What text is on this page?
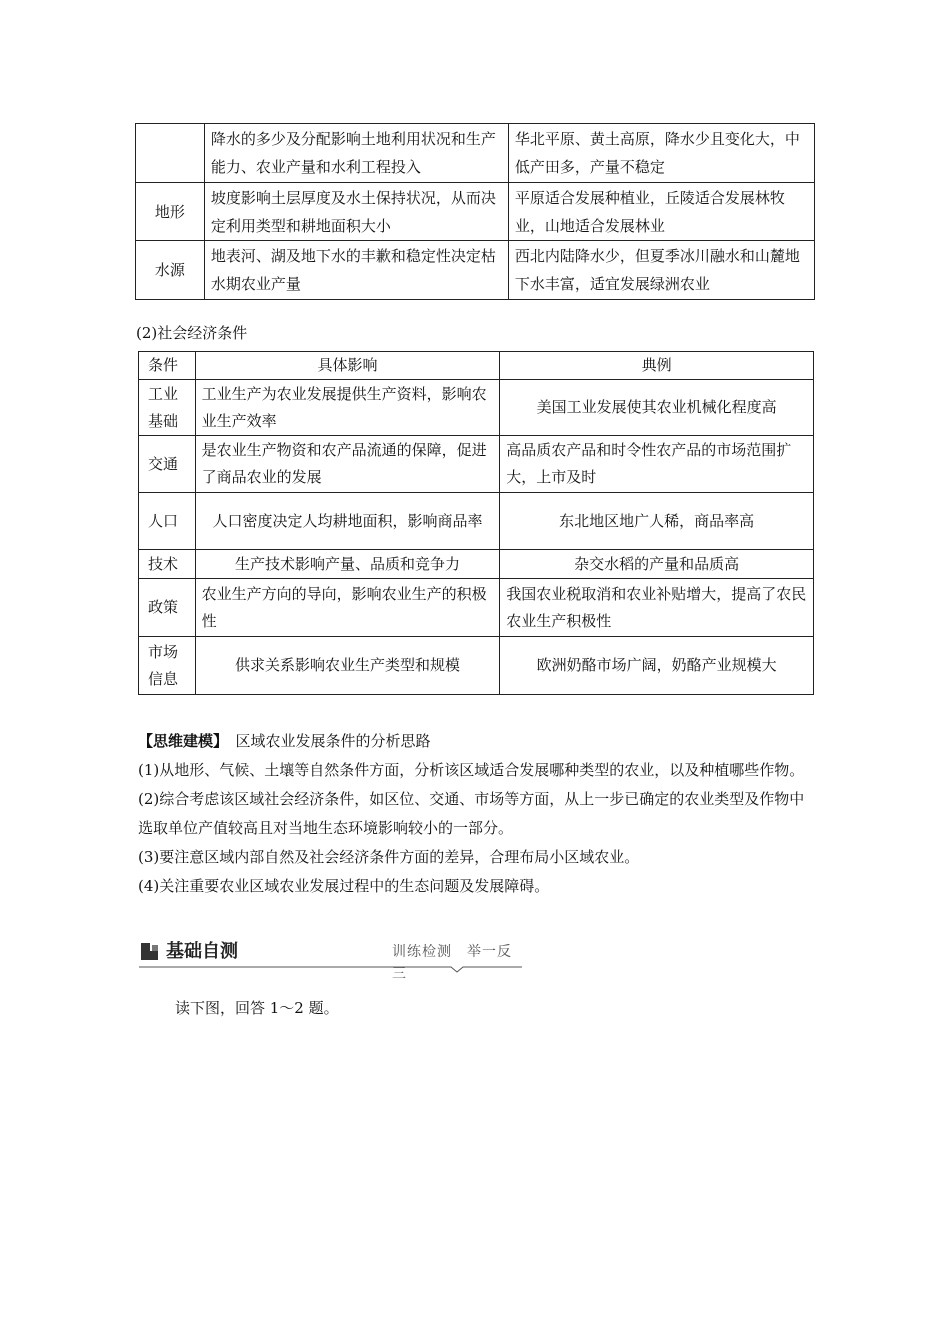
	降水的多少及分配影响土地利用状况和生产能力、农业产量和水利工程投入	华北平原、黄土高原，降水少且变化大，中低产田多，产量不稳定
地形	坡度影响土层厚度及水土保持状况，从而决定利用类型和耕地面积大小	平原适合发展种植业，丘陵适合发展林牧业，山地适合发展林业
水源	地表河、湖及地下水的丰歉和稳定性决定枯水期农业产量	西北内陆降水少，但夏季冰川融水和山麓地下水丰富，适宜发展绿洲农业
(2)社会经济条件
条件	具体影响	典例
工业基础	工业生产为农业发展提供生产资料，影响农业生产效率	美国工业发展使其农业机械化程度高
交通	是农业生产物资和农产品流通的保障，促进了商品农业的发展	高品质农产品和时令性农产品的市场范围扩大，上市及时
人口	人口密度决定人均耕地面积，影响商品率	东北地区地广人稀，商品率高
技术	生产技术影响产量、品质和竞争力	杂交水稻的产量和品质高
政策	农业生产方向的导向，影响农业生产的积极性	我国农业税取消和农业补贴增大，提高了农民农业生产积极性
市场信息	供求关系影响农业生产类型和规模	欧洲奶酪市场广阔，奶酪产业规模大

【思维建模】  区域农业发展条件的分析思路

(1)从地形、气候、土壤等自然条件方面，分析该区域适合发展哪种类型的农业，以及种植哪些作物。

(2)综合考虑该区域社会经济条件，如区位、交通、市场等方面，从上一步已确定的农业类型及作物中选取单位产值较高且对当地生态环境影响较小的一部分。

(3)要注意区域内部自然及社会经济条件方面的差异，合理布局小区域农业。

(4)关注重要农业区域农业发展过程中的生态问题及发展障碍。

基础自测	训练检测　举一反三
读下图，回答 1～2 题。
